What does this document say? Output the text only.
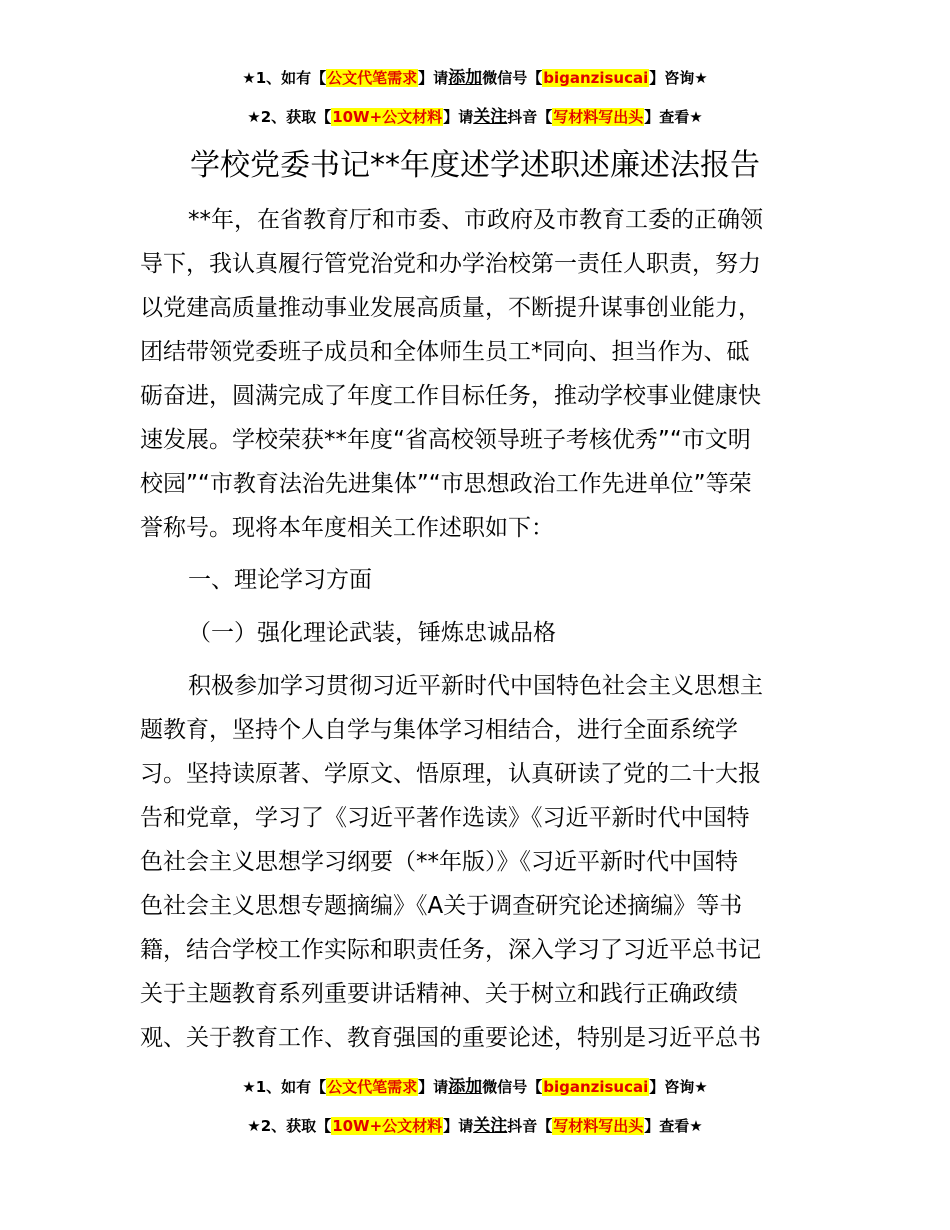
★1、如有【公文代笔需求】请添加微信号【biganzisucai】咨询★
★2、获取【10W+公文材料】请关注抖音【写材料写出头】查看★
学校党委书记**年度述学述职述廉述法报告
**年，在省教育厅和市委、市政府及市教育工委的正确领
导下，我认真履行管党治党和办学治校第一责任人职责，努力
以党建高质量推动事业发展高质量，不断提升谋事创业能力，
团结带领党委班子成员和全体师生员工*同向、担当作为、砥
砺奋进，圆满完成了年度工作目标任务，推动学校事业健康快
速发展。学校荣获**年度“省高校领导班子考核优秀”“市文明
校园”“市教育法治先进集体”“市思想政治工作先进单位”等荣
誉称号。现将本年度相关工作述职如下：
一、理论学习方面
（一）强化理论武装，锤炼忠诚品格
积极参加学习贯彻习近平新时代中国特色社会主义思想主
题教育，坚持个人自学与集体学习相结合，进行全面系统学
习。坚持读原著、学原文、悟原理，认真研读了党的二十大报
告和党章，学习了《习近平著作选读》《习近平新时代中国特
色社会主义思想学习纲要（**年版）》《习近平新时代中国特
色社会主义思想专题摘编》《A关于调查研究论述摘编》等书
籍，结合学校工作实际和职责任务，深入学习了习近平总书记
关于主题教育系列重要讲话精神、关于树立和践行正确政绩
观、关于教育工作、教育强国的重要论述，特别是习近平总书
★1、如有【公文代笔需求】请添加微信号【biganzisucai】咨询★
★2、获取【10W+公文材料】请关注抖音【写材料写出头】查看★
